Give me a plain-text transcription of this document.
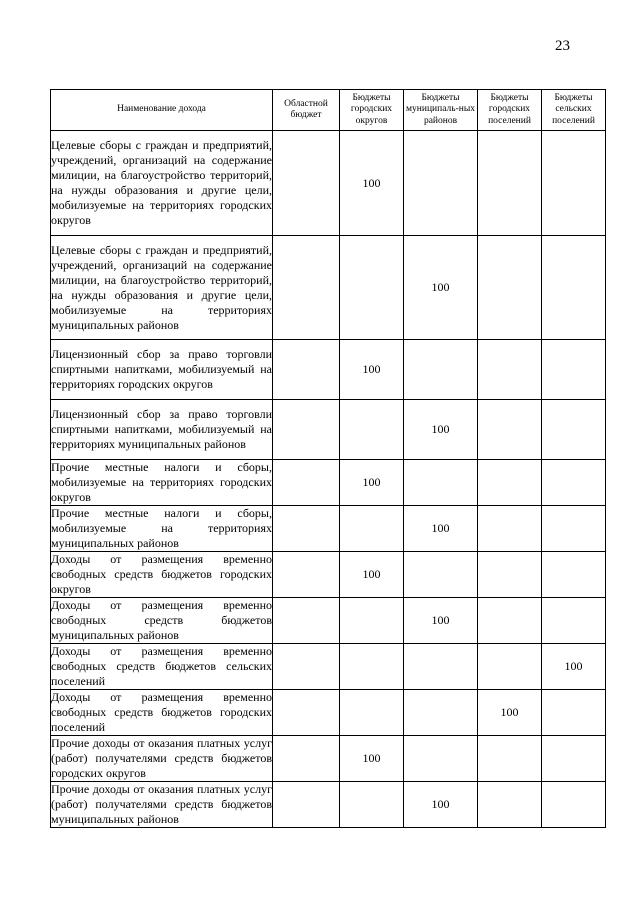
23
Наименование дохода	Областной бюджет	Бюджеты городских округов	Бюджеты муниципаль-ных районов	Бюджеты городских поселений	Бюджеты сельских поселений
Целевые сборы с граждан и предприятий, учреждений, организаций на содержание милиции, на благоустройство территорий, на нужды образования и другие цели, мобилизуемые на территориях городских округов		100			
Целевые сборы с граждан и предприятий, учреждений, организаций на содержание милиции, на благоустройство территорий, на нужды образования и другие цели, мобилизуемые на территориях муниципальных районов			100		
Лицензионный сбор за право торговли спиртными напитками, мобилизуемый на территориях городских округов		100			
Лицензионный сбор за право торговли спиртными напитками, мобилизуемый на территориях муниципальных районов			100		
Прочие местные налоги и сборы, мобилизуемые на территориях городских округов		100			
Прочие местные налоги и сборы, мобилизуемые на территориях муниципальных районов			100		
Доходы от размещения временно свободных средств бюджетов городских округов		100			
Доходы от размещения временно свободных средств бюджетов муниципальных районов			100		
Доходы от размещения временно свободных средств бюджетов сельских поселений					100
Доходы от размещения временно свободных средств бюджетов городских поселений				100	
Прочие доходы от оказания платных услуг (работ) получателями средств бюджетов городских округов		100			
Прочие доходы от оказания платных услуг (работ) получателями средств бюджетов муниципальных районов			100		
